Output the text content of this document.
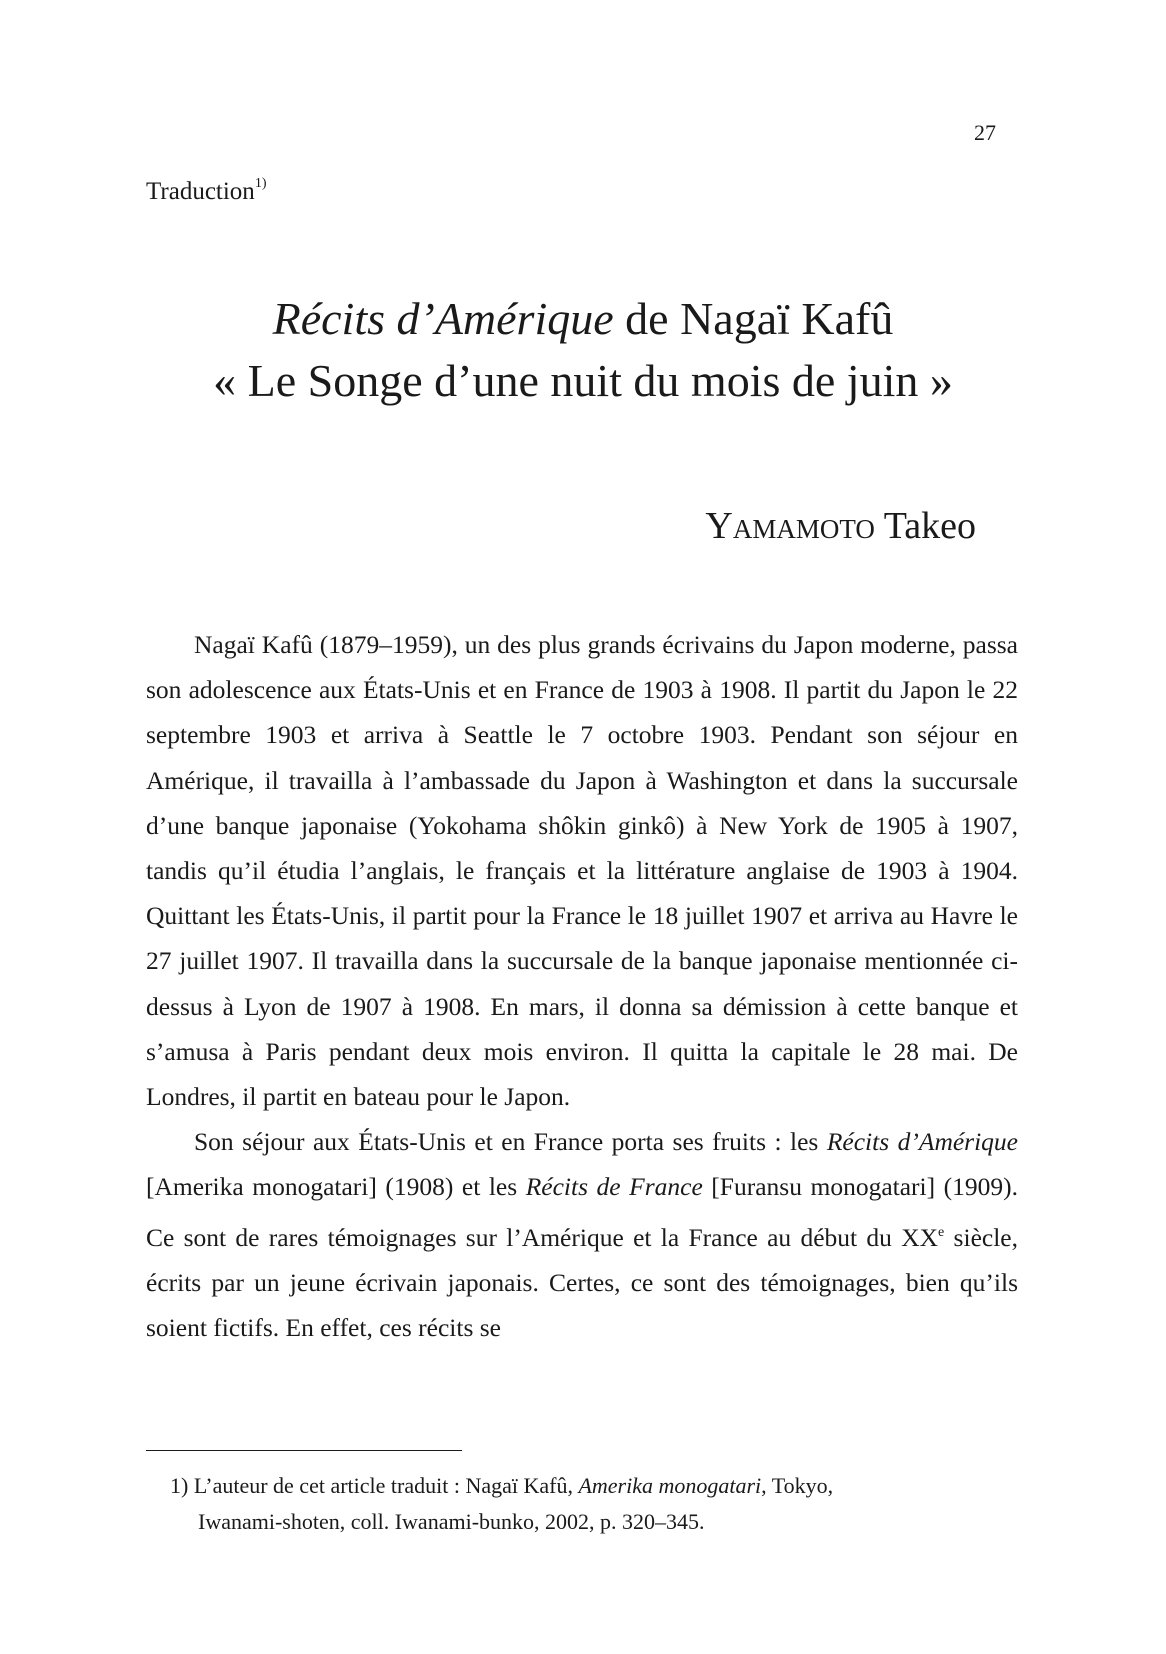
27
Traduction$^{1)}$
Récits d’Amérique de Nagaï Kafû
« Le Songe d’une nuit du mois de juin »
Yamamoto Takeo

Nagaï Kafû (1879–1959), un des plus grands écrivains du Japon moderne, passa son adolescence aux États-Unis et en France de 1903 à 1908. Il partit du Japon le 22 septembre 1903 et arriva à Seattle le 7 octobre 1903. Pendant son séjour en Amérique, il travailla à l’ambassade du Japon à Washington et dans la succursale d’une banque japonaise (Yokohama shôkin ginkô) à New York de 1905 à 1907, tandis qu’il étudia l’anglais, le français et la littérature anglaise de 1903 à 1904. Quittant les États-Unis, il partit pour la France le 18 juillet 1907 et arriva au Havre le 27 juillet 1907. Il travailla dans la succursale de la banque japonaise mentionnée ci-dessus à Lyon de 1907 à 1908. En mars, il donna sa démission à cette banque et s’amusa à Paris pendant deux mois environ. Il quitta la capitale le 28 mai. De Londres, il partit en bateau pour le Japon.

Son séjour aux États-Unis et en France porta ses fruits : les Récits d’Amérique [Amerika monogatari] (1908) et les Récits de France [Furansu monogatari] (1909). Ce sont de rares témoignages sur l’Amérique et la France au début du XXe siècle, écrits par un jeune écrivain japonais. Certes, ce sont des témoignages, bien qu’ils soient fictifs. En effet, ces récits se

1) L’auteur de cet article traduit : Nagaï Kafû, Amerika monogatari, Tokyo,
Iwanami-shoten, coll. Iwanami-bunko, 2002, p. 320–345.
